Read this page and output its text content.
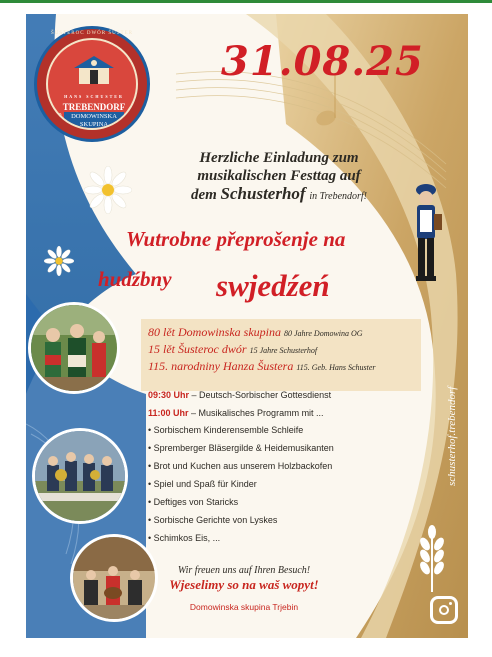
ŠUSTEROC DWÓR ŠUSTER
HANS SCHUSTER
TREBENDORF
19	DOMOWINSKA SKUPINA
45
31.08.25
Herzliche Einladung zum
musikalischen Festtag auf
dem Schusterhof in Trebendorf!
Wutrobne přeprošenje na
hudźbny swjedźeń
80 lět Domowinska skupina 80 Jahre Domowina OG
15 lět Šusteroc dwór 15 Jahre Schusterhof
115. narodniny Hanza Šustera 115. Geb. Hans Schuster
09:30 Uhr – Deutsch-Sorbischer Gottesdienst
11:00 Uhr – Musikalisches Programm mit ...
• Sorbischem Kinderensemble Schleife
• Spremberger Bläsergilde & Heidemusikanten
• Brot und Kuchen aus unserem Holzbackofen
• Spiel und Spaß für Kinder
• Deftiges von Staricks
• Sorbische Gerichte von Lyskes
• Schimkos Eis, ...
Wir freuen uns auf Ihren Besuch!
Wjeselimy so na waš wopyt!
Domowinska skupina Trjebin
schusterhof.trebendorf
